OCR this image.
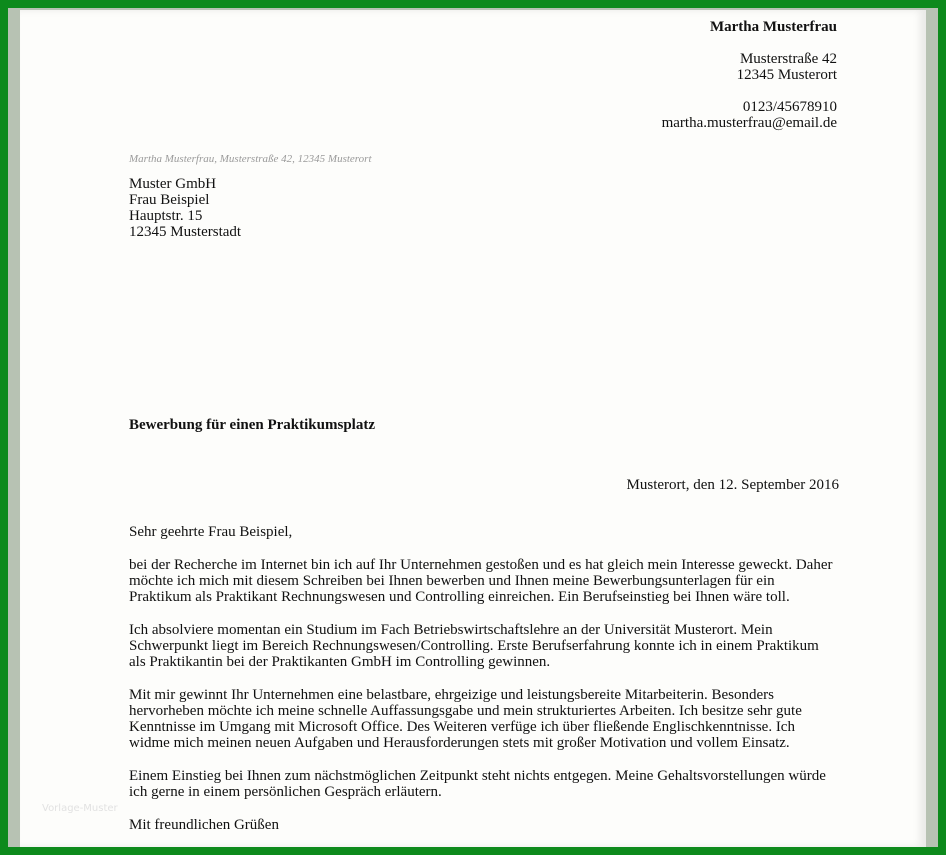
Martha Musterfrau
Musterstraße 42
12345 Musterort
0123/45678910
martha.musterfrau@email.de
Martha Musterfrau, Musterstraße 42, 12345 Musterort
Muster GmbH
Frau Beispiel
Hauptstr. 15
12345 Musterstadt
Bewerbung für einen Praktikumsplatz
Musterort, den 12. September 2016

Sehr geehrte Frau Beispiel,

bei der Recherche im Internet bin ich auf Ihr Unternehmen gestoßen und es hat gleich mein Interesse geweckt. Daher möchte ich mich mit diesem Schreiben bei Ihnen bewerben und Ihnen meine Bewerbungsunterlagen für ein Praktikum als Praktikant Rechnungswesen und Controlling einreichen. Ein Berufseinstieg bei Ihnen wäre toll.

Ich absolviere momentan ein Studium im Fach Betriebswirtschaftslehre an der Universität Musterort. Mein Schwerpunkt liegt im Bereich Rechnungswesen/Controlling. Erste Berufserfahrung konnte ich in einem Praktikum als Praktikantin bei der Praktikanten GmbH im Controlling gewinnen.

Mit mir gewinnt Ihr Unternehmen eine belastbare, ehrgeizige und leistungsbereite Mitarbeiterin. Besonders hervorheben möchte ich meine schnelle Auffassungsgabe und mein strukturiertes Arbeiten. Ich besitze sehr gute Kenntnisse im Umgang mit Microsoft Office. Des Weiteren verfüge ich über fließende Englischkenntnisse. Ich widme mich meinen neuen Aufgaben und Herausforderungen stets mit großer Motivation und vollem Einsatz.

Einem Einstieg bei Ihnen zum nächstmöglichen Zeitpunkt steht nichts entgegen. Meine Gehaltsvorstellungen würde ich gerne in einem persönlichen Gespräch erläutern.

Mit freundlichen Grüßen

Vorlage-Muster
